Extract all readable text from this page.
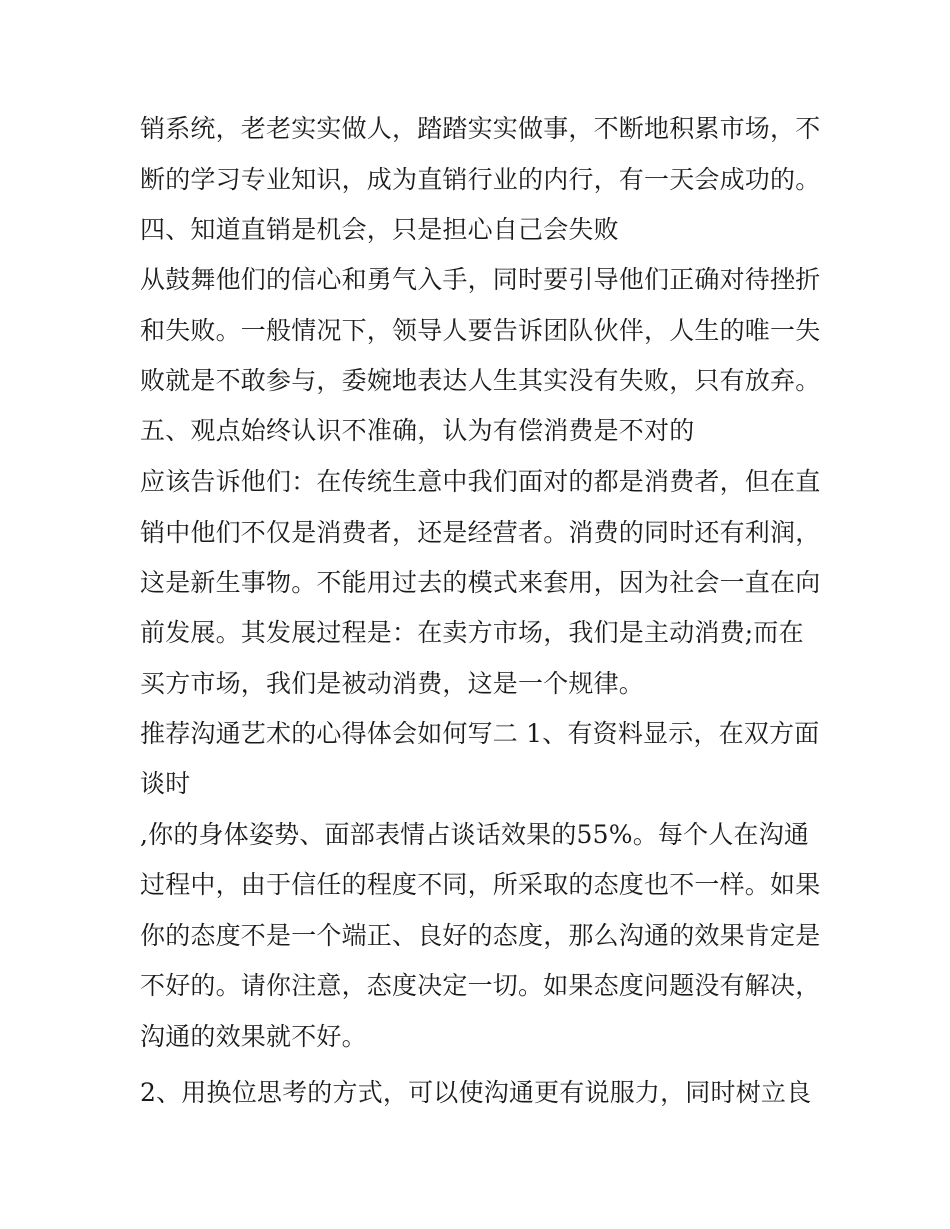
销系统，老老实实做人，踏踏实实做事，不断地积累市场，不
断的学习专业知识，成为直销行业的内行，有一天会成功的。
四、知道直销是机会，只是担心自己会失败
从鼓舞他们的信心和勇气入手，同时要引导他们正确对待挫折
和失败。一般情况下，领导人要告诉团队伙伴，人生的唯一失
败就是不敢参与，委婉地表达人生其实没有失败，只有放弃。
五、观点始终认识不准确，认为有偿消费是不对的
应该告诉他们：在传统生意中我们面对的都是消费者，但在直
销中他们不仅是消费者，还是经营者。消费的同时还有利润，
这是新生事物。不能用过去的模式来套用，因为社会一直在向
前发展。其发展过程是：在卖方市场，我们是主动消费;而在
买方市场，我们是被动消费，这是一个规律。
推荐沟通艺术的心得体会如何写二 1、有资料显示，在双方面
谈时
,你的身体姿势、面部表情占谈话效果的55%。每个人在沟通
过程中，由于信任的程度不同，所采取的态度也不一样。如果
你的态度不是一个端正、良好的态度，那么沟通的效果肯定是
不好的。请你注意，态度决定一切。如果态度问题没有解决，
沟通的效果就不好。
2、用换位思考的方式，可以使沟通更有说服力，同时树立良
